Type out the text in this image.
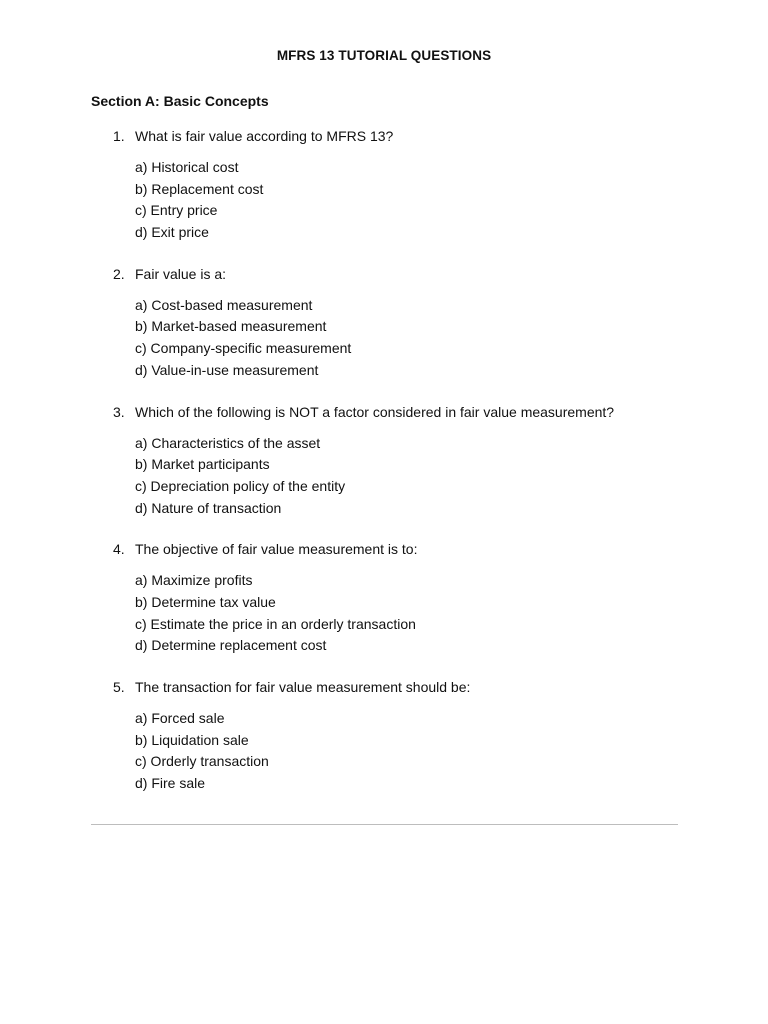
MFRS 13 TUTORIAL QUESTIONS
Section A: Basic Concepts
1. What is fair value according to MFRS 13?
a) Historical cost
b) Replacement cost
c) Entry price
d) Exit price
2. Fair value is a:
a) Cost-based measurement
b) Market-based measurement
c) Company-specific measurement
d) Value-in-use measurement
3. Which of the following is NOT a factor considered in fair value measurement?
a) Characteristics of the asset
b) Market participants
c) Depreciation policy of the entity
d) Nature of transaction
4. The objective of fair value measurement is to:
a) Maximize profits
b) Determine tax value
c) Estimate the price in an orderly transaction
d) Determine replacement cost
5. The transaction for fair value measurement should be:
a) Forced sale
b) Liquidation sale
c) Orderly transaction
d) Fire sale
